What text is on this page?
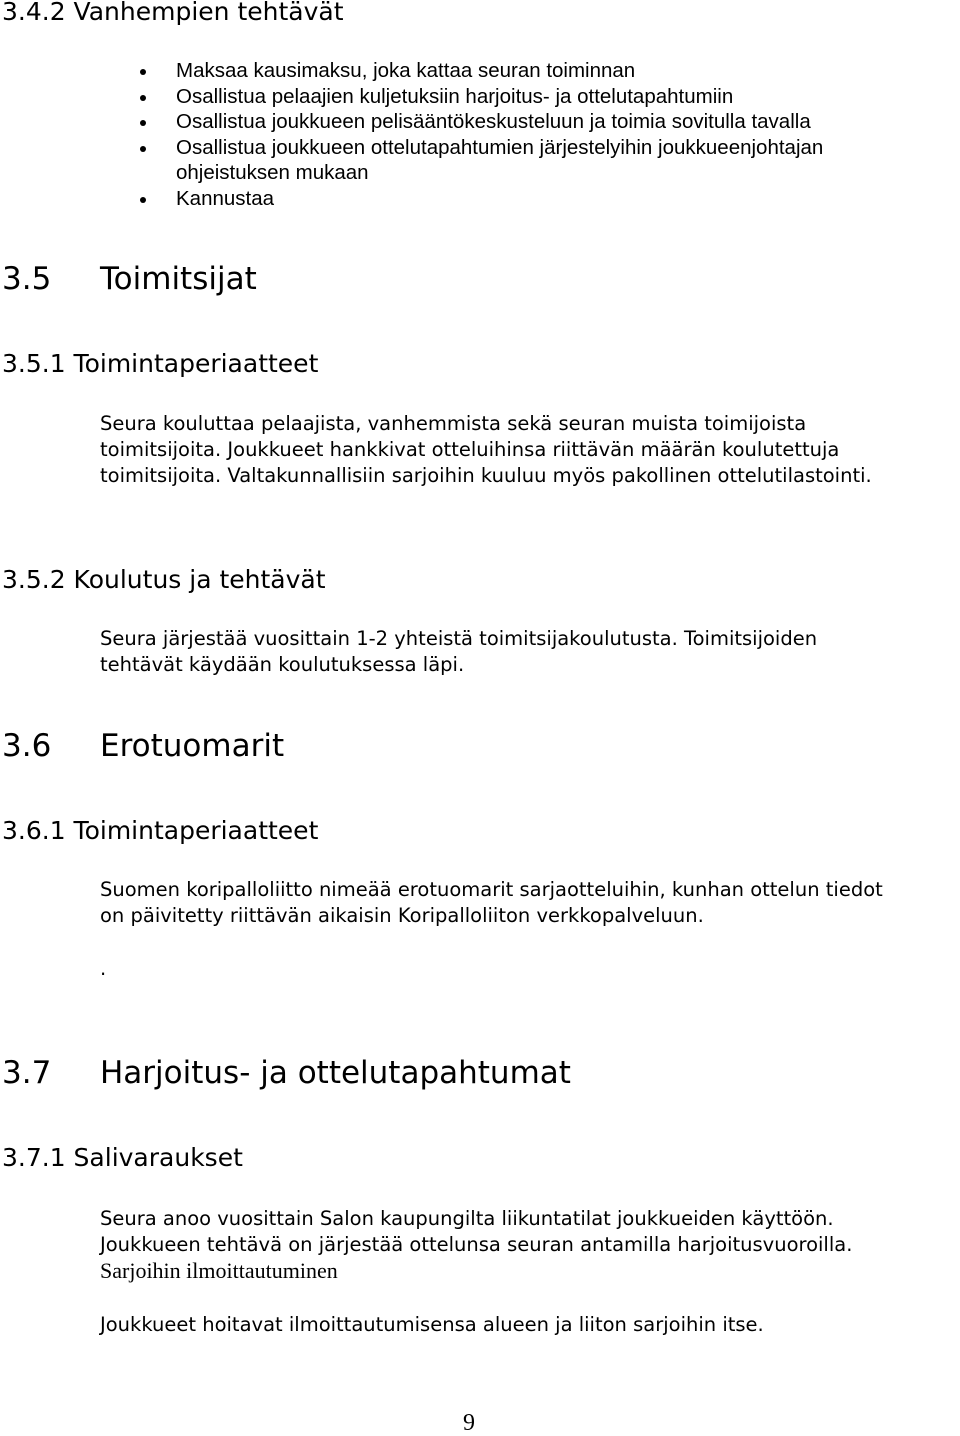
3.4.2 Vanhempien tehtävät
Maksaa kausimaksu, joka kattaa seuran toiminnan
Osallistua pelaajien kuljetuksiin harjoitus- ja ottelutapahtumiin
Osallistua joukkueen pelisääntökeskusteluun ja toimia sovitulla tavalla
Osallistua joukkueen ottelutapahtumien järjestelyihin joukkueenjohtajan
ohjeistuksen mukaan
Kannustaa
3.5 Toimitsijat
3.5.1 Toimintaperiaatteet
Seura kouluttaa pelaajista, vanhemmista sekä seuran muista toimijoista
toimitsijoita. Joukkueet hankkivat otteluihinsa riittävän määrän koulutettuja
toimitsijoita. Valtakunnallisiin sarjoihin kuuluu myös pakollinen ottelutilastointi.
3.5.2 Koulutus ja tehtävät
Seura järjestää vuosittain 1-2 yhteistä toimitsijakoulutusta. Toimitsijoiden
tehtävät käydään koulutuksessa läpi.
3.6 Erotuomarit
3.6.1 Toimintaperiaatteet
Suomen koripalloliitto nimeää erotuomarit sarjaotteluihin, kunhan ottelun tiedot
on päivitetty riittävän aikaisin Koripalloliiton verkkopalveluun.
.
3.7 Harjoitus- ja ottelutapahtumat
3.7.1 Salivaraukset
Seura anoo vuosittain Salon kaupungilta liikuntatilat joukkueiden käyttöön.
Joukkueen tehtävä on järjestää ottelunsa seuran antamilla harjoitusvuoroilla.
Sarjoihin ilmoittautuminen
Joukkueet hoitavat ilmoittautumisensa alueen ja liiton sarjoihin itse.
9
